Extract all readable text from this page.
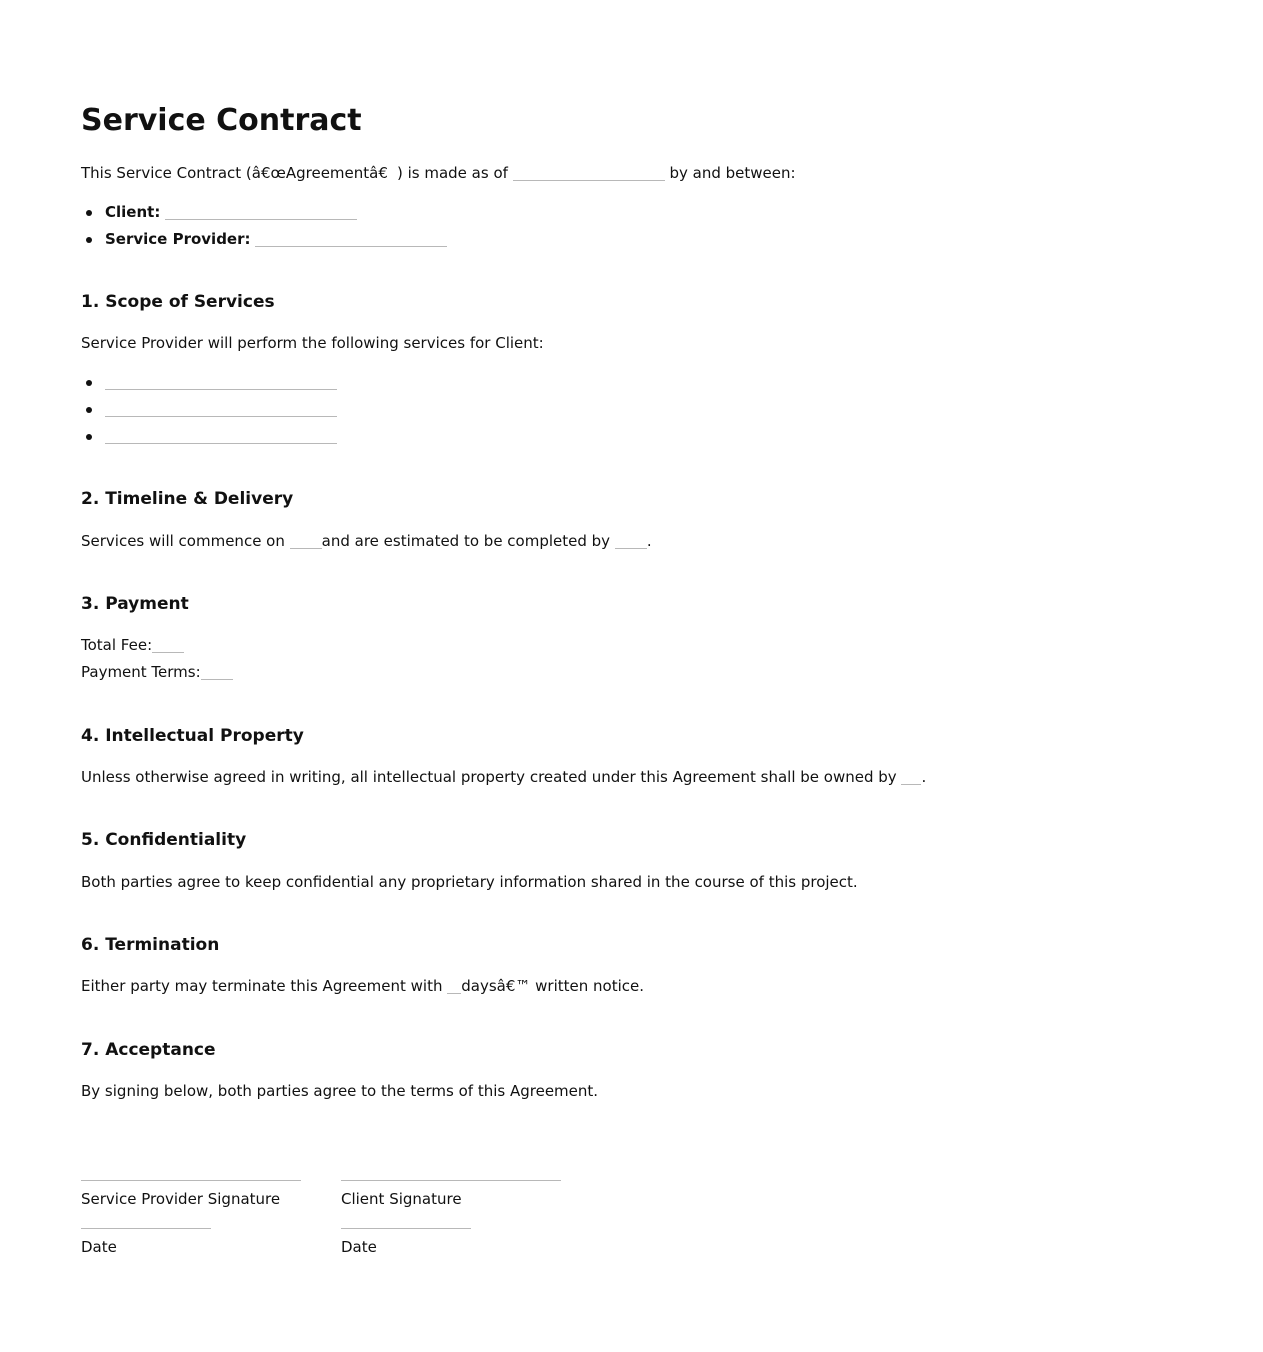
Service Contract
This Service Contract (â€œAgreementâ€) is made as of	by and between:
Client:
Service Provider:
1. Scope of Services
Service Provider will perform the following services for Client:
2. Timeline & Delivery
Services will commence on and are estimated to be completed by .
3. Payment
Total Fee:
Payment Terms:
4. Intellectual Property
Unless otherwise agreed in writing, all intellectual property created under this Agreement shall be owned by .
5. Confidentiality
Both parties agree to keep confidential any proprietary information shared in the course of this project.
6. Termination
Either party may terminate this Agreement with daysâ€™ written notice.
7. Acceptance
By signing below, both parties agree to the terms of this Agreement.
Service Provider Signature	Client Signature
Date	Date
